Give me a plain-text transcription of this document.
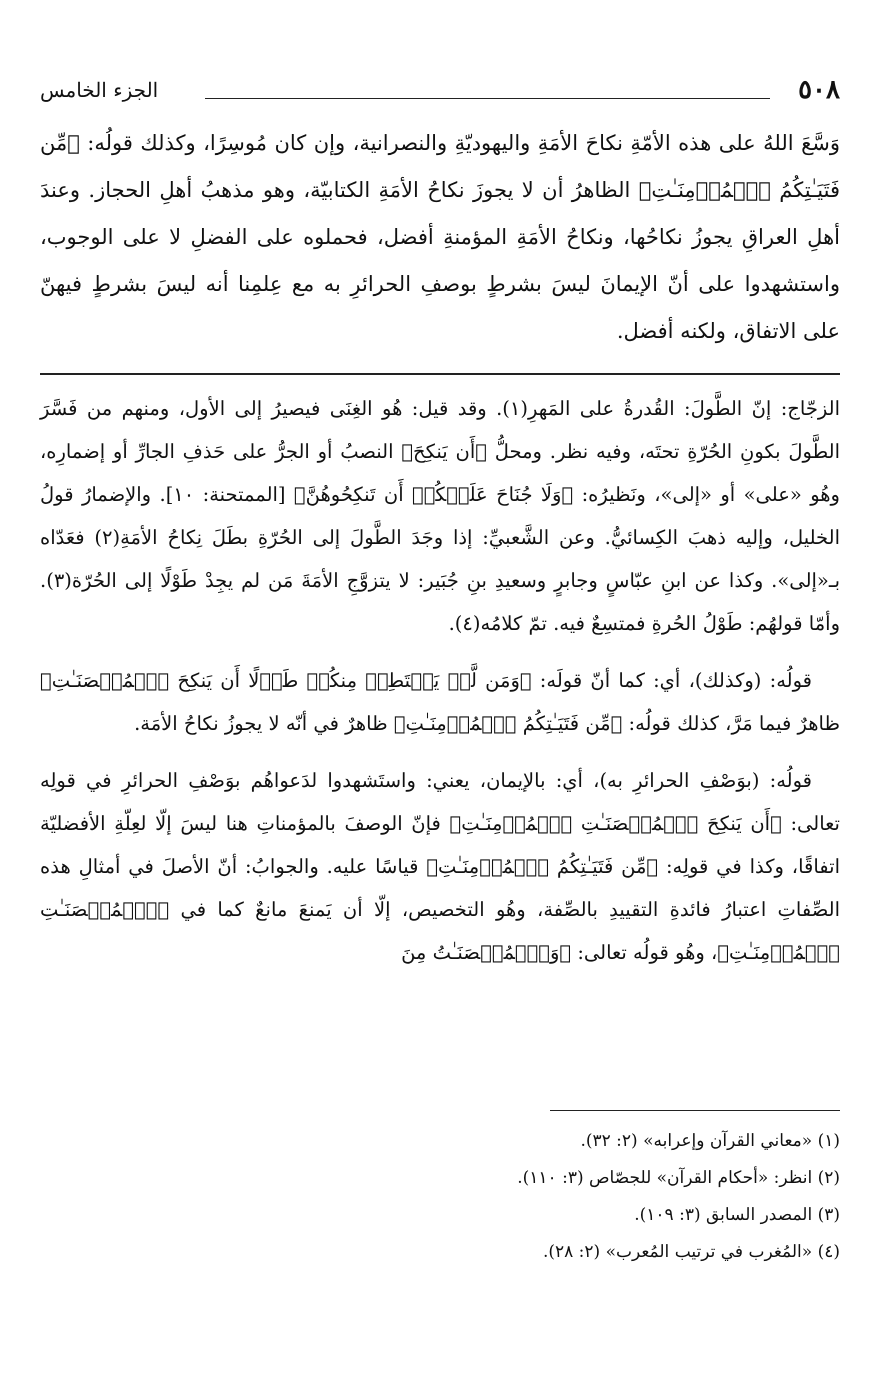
٥٠٨
الجزء الخامس

وَسَّعَ اللهُ على هذه الأمّةِ نكاحَ الأمَةِ واليهوديّةِ والنصرانية، وإن كان مُوسِرًا، وكذلك قولُه: ﴿مِّن فَتَيَـٰتِكُمُ ٱلۡمُؤۡمِنَـٰتِ﴾ الظاهرُ أن لا يجوزَ نكاحُ الأمَةِ الكتابيّة، وهو مذهبُ أهلِ الحجاز. وعندَ أهلِ العراقِ يجوزُ نكاحُها، ونكاحُ الأمَةِ المؤمنةِ أفضل، فحملوه على الفضلِ لا على الوجوب، واستشهدوا على أنّ الإيمانَ ليسَ بشرطٍ بوصفِ الحرائرِ به مع عِلمِنا أنه ليسَ بشرطٍ فيهنّ على الاتفاق، ولكنه أفضل.

الزجّاج: إنّ الطَّولَ: القُدرةُ على المَهرِ(١). وقد قيل: هُو الغِنَى فيصيرُ إلى الأول، ومنهم من فَسَّرَ الطَّولَ بكونِ الحُرّةِ تحتَه، وفيه نظر. ومحلُّ ﴿أَن يَنكِحَ﴾ النصبُ أو الجرُّ على حَذفِ الجارِّ أو إضمارِه، وهُو «على» أو «إلى»، ونَظيرُه: ﴿وَلَا جُنَاحَ عَلَيۡكُمۡ أَن تَنكِحُوهُنَّ﴾ [الممتحنة: ١٠]. والإضمارُ قولُ الخليل، وإليه ذهبَ الكِسائيُّ. وعن الشَّعبيِّ: إذا وجَدَ الطَّولَ إلى الحُرّةِ بطَلَ نِكاحُ الأمَةِ(٢) فعَدّاه بـ«إلى». وكذا عن ابنِ عبّاسٍ وجابرٍ وسعيدِ بنِ جُبَير: لا يتزوَّجِ الأمَةَ مَن لم يجِدْ طَوْلًا إلى الحُرّة(٣). وأمّا قولهُم: طَوْلُ الحُرةِ فمتسِعٌ فيه. تمّ كلامُه(٤).

قولُه: (وكذلك)، أي: كما أنّ قولَه: ﴿وَمَن لَّمۡ يَسۡتَطِعۡ مِنكُمۡ طَوۡلًا أَن يَنكِحَ ٱلۡمُحۡصَنَـٰتِ﴾ ظاهرٌ فيما مَرَّ، كذلك قولُه: ﴿مِّن فَتَيَـٰتِكُمُ ٱلۡمُؤۡمِنَـٰتِ﴾ ظاهرٌ في أنّه لا يجوزُ نكاحُ الأمَة.

قولُه: (بوَصْفِ الحرائرِ به)، أي: بالإيمان، يعني: واستَشهدوا لدَعواهُم بوَصْفِ الحرائرِ في قولِه تعالى: ﴿أَن يَنكِحَ ٱلۡمُحۡصَنَـٰتِ ٱلۡمُؤۡمِنَـٰتِ﴾ فإنّ الوصفَ بالمؤمناتِ هنا ليسَ إلّا لعِلّةِ الأفضليّة اتفاقًا، وكذا في قولِه: ﴿مِّن فَتَيَـٰتِكُمُ ٱلۡمُؤۡمِنَـٰتِ﴾ قياسًا عليه. والجوابُ: أنّ الأصلَ في أمثالِ هذه الصِّفاتِ اعتبارُ فائدةِ التقييدِ بالصِّفة، وهُو التخصيص، إلّا أن يَمنعَ مانعٌ كما في ﴿ٱلۡمُحۡصَنَـٰتِ ٱلۡمُؤۡمِنَـٰتِ﴾، وهُو قولُه تعالى: ﴿وَٱلۡمُحۡصَنَـٰتُ مِنَ

(١) «معاني القرآن وإعرابه» (٢: ٣٢).
(٢) انظر: «أحكام القرآن» للجصّاص (٣: ١١٠).
(٣) المصدر السابق (٣: ١٠٩).
(٤) «المُغرب في ترتيب المُعرب» (٢: ٢٨).
